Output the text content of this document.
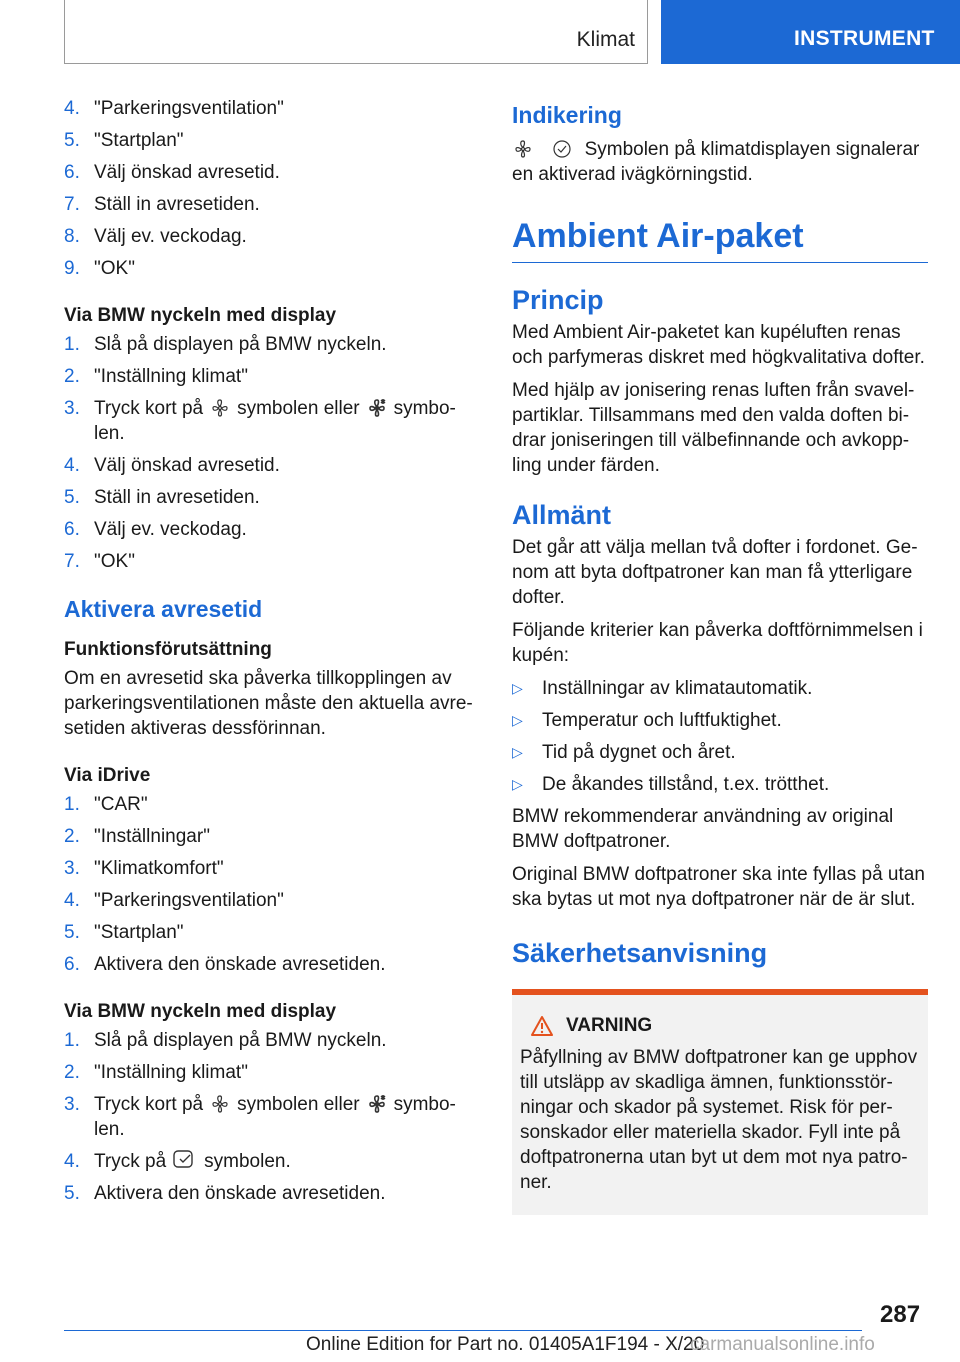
Klimat	INSTRUMENT
4. "Parkeringsventilation"
5. "Startplan"
6. Välj önskad avresetid.
7. Ställ in avresetiden.
8. Välj ev. veckodag.
9. "OK"
Via BMW nyckeln med display
1. Slå på displayen på BMW nyckeln.
2. "Inställning klimat"
3. Tryck kort på symbolen eller symbo-
len.
4. Välj önskad avresetid.
5. Ställ in avresetiden.
6. Välj ev. veckodag.
7. "OK"
Aktivera avresetid
Funktionsförutsättning

Om en avresetid ska påverka tillkopplingen av parkeringsventilationen måste den aktuella avre-setiden aktiveras dessförinnan.

Via iDrive
1. "CAR"
2. "Inställningar"
3. "Klimatkomfort"
4. "Parkeringsventilation"
5. "Startplan"
6. Aktivera den önskade avresetiden.
Via BMW nyckeln med display
1. Slå på displayen på BMW nyckeln.
2. "Inställning klimat"
3. Tryck kort på symbolen eller symbo-
len.
4. Tryck på symbolen.
5. Aktivera den önskade avresetiden.
Indikering

Symbolen på klimatdisplayen signalerar
en aktiverad ivägkörningstid.

Ambient Air-paket
Princip

Med Ambient Air-paketet kan kupéluften renas och parfymeras diskret med högkvalitativa dofter.

Med hjälp av jonisering renas luften från svavel-partiklar. Tillsammans med den valda doften bi-drar joniseringen till välbefinnande och avkopp-ling under färden.

Allmänt

Det går att välja mellan två dofter i fordonet. Ge-nom att byta doftpatroner kan man få ytterligare dofter.

Följande kriterier kan påverka doftförnimmelsen i kupén:

▷ Inställningar av klimatautomatik.
▷ Temperatur och luftfuktighet.
▷ Tid på dygnet och året.
▷ De åkandes tillstånd, t.ex. trötthet.

BMW rekommenderar användning av original BMW doftpatroner.

Original BMW doftpatroner ska inte fyllas på utan ska bytas ut mot nya doftpatroner när de är slut.

Säkerhetsanvisning
VARNING
Påfyllning av BMW doftpatroner kan ge upphov till utsläpp av skadliga ämnen, funktionsstör-ningar och skador på systemet. Risk för per-sonskador eller materiella skador. Fyll inte på doftpatronerna utan byt ut dem mot nya patro-ner.
287
Online Edition for Part no. 01405A1F194 - X/20
carmanualsonline.info
